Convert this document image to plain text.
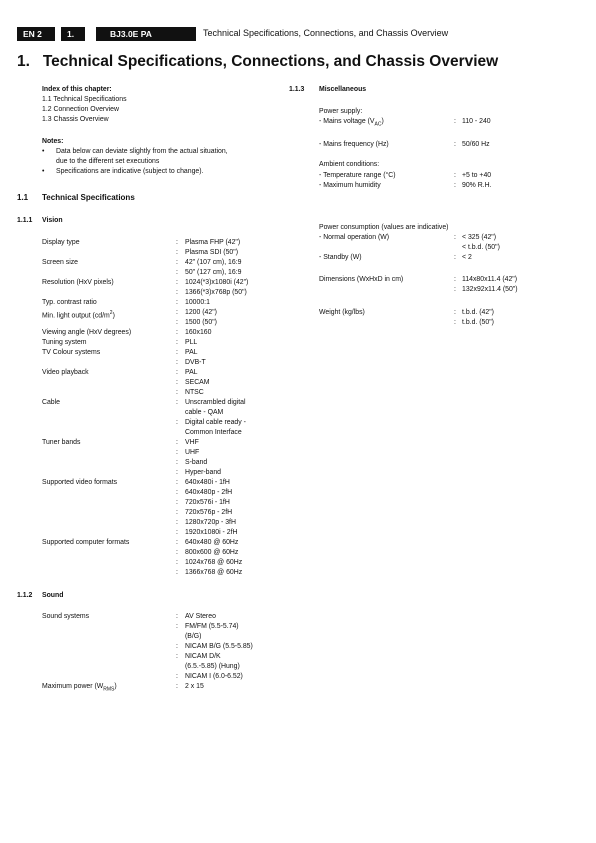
EN 2	1.	BJ3.0E PA	Technical Specifications, Connections, and Chassis Overview
1.   Technical Specifications, Connections, and Chassis Overview
Index of this chapter:
1.1 Technical Specifications
1.2 Connection Overview
1.3 Chassis Overview
Notes:
• Data below can deviate slightly from the actual situation,
due to the different set executions
• Specifications are indicative (subject to change).
1.1 Technical Specifications
1.1.1 Vision
Display type	: Plasma FHP (42")
: Plasma SDI (50")
Screen size	: 42" (107 cm), 16:9
: 50" (127 cm), 16:9
Resolution (HxV pixels)	: 1024(*3)x1080i (42")
: 1366(*3)x768p (50")
Typ. contrast ratio	: 10000:1
Min. light output $(cd/m^2)$	: 1200 (42")
: 1500 (50")
Viewing angle (HxV degrees)	: 160x160
Tuning system	: PLL
TV Colour systems	: PAL
: DVB-T
Video playback	: PAL
: SECAM
: NTSC
Cable	: Unscrambled digital
cable - QAM
: Digital cable ready -
Common Interface
Tuner bands	: VHF
: UHF
: S-band
: Hyper-band
Supported video formats	: 640x480i - 1fH
: 640x480p - 2fH
: 720x576i - 1fH
: 720x576p - 2fH
: 1280x720p - 3fH
: 1920x1080i - 2fH
Supported computer formats	: 640x480 @ 60Hz
: 800x600 @ 60Hz
: 1024x768 @ 60Hz
: 1366x768 @ 60Hz
1.1.2 Sound
Sound systems	: AV Stereo
: FM/FM (5.5-5.74)
(B/G)
: NICAM B/G (5.5-5.85)
: NICAM D/K
(6.5.-5.85) (Hung)
: NICAM I (6.0-6.52)
Maximum power $(W_{RMS})$	: 2 x 15
1.1.3 Miscellaneous
Power supply:
- Mains voltage $(V_{AC})$	: 110 - 240
- Mains frequency (Hz)	: 50/60 Hz
Ambient conditions:
- Temperature range (°C)	: +5 to +40
- Maximum humidity	: 90% R.H.
Power consumption (values are indicative)
- Normal operation (W)	: < 325 (42")
< t.b.d. (50")
- Standby (W)	: < 2
Dimensions (WxHxD in cm)	: 114x80x11.4 (42")
: 132x92x11.4 (50")
Weight (kg/lbs)	: t.b.d. (42")
: t.b.d. (50")
